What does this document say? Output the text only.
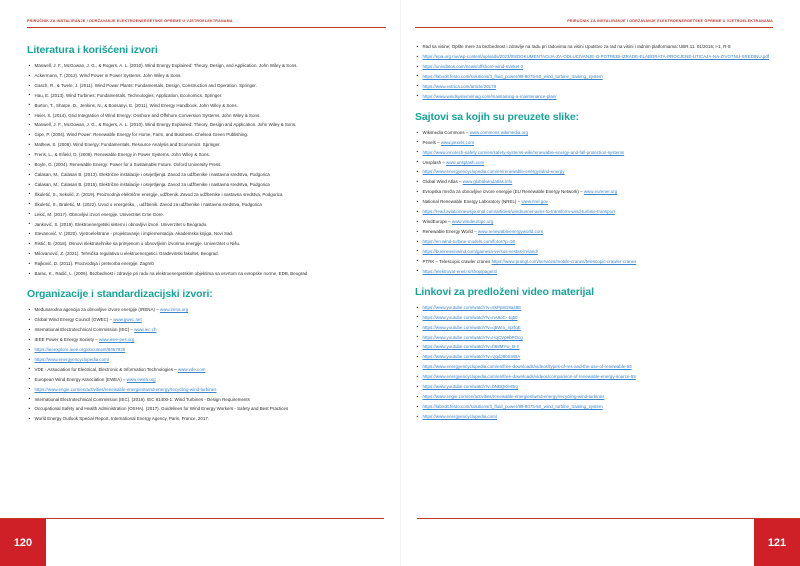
PRIRUČNIK ZA INSTALIRANJE I ODRŽAVANJE ELEKTROENERGETSKE OPREME U VJETROELEKTRANAMA
Literatura i korišćeni izvori
• Manwell, J. F., McGowan, J. G., & Rogers, A. L. (2010). Wind Energy Explained: Theory, Design, and Application. John Wiley & Sons.
• Ackermann, T. (2012). Wind Power in Power Systems. John Wiley & Sons.
• Gasch, R., & Twele, J. (2011). Wind Power Plants: Fundamentals, Design, Construction and Operation. Springer.
• Hau, E. (2013). Wind Turbines: Fundamentals, Technologies, Application, Economics. Springer.
• Burton, T., Sharpe, D., Jenkins, N., & Bossanyi, E. (2011). Wind Energy Handbook. John Wiley & Sons.
• Heier, S. (2014). Grid Integration of Wind Energy: Onshore and Offshore Conversion Systems. John Wiley & Sons.
• Manwell, J. F., McGowan, J. G., & Rogers, A. L. (2010). Wind Energy Explained: Theory, Design and Application. John Wiley & Sons.
• Gipe, P. (2004). Wind Power: Renewable Energy for Home, Farm, and Business. Chelsea Green Publishing.
• Mathew, S. (2006). Wind Energy: Fundamentals, Resource Analysis and Economics. Springer.
• Freris, L., & Infield, D. (2008). Renewable Energy in Power Systems. John Wiley & Sons.
• Boyle, G. (2004). Renewable Energy: Power for a Sustainable Future. Oxford University Press.
• Ćalasan, M., Ćalasan B. (2013). Električne instalacije i osvjetljenja. Zavod za udžbenike i nastavna sredstva, Podgorica
• Ćalasan, M., Ćalasan B. (2015). Električne instalacije i osvjetljenja. Zavod za udžbenike i nastavna sredstva, Podgorica
• Škuletić, S., Sekulić, Z. (2019). Proizvodnja električne energije, udžbenik. Zavod za udžbenike i nastavna sredstva, Podgorica
• Škuletić, S., Braletić, M. (2022). Uvod u energetiku, , udžbenik. Zavod za udžbenike i nastavna sredstva, Podgorica
• Lekić, M. (2017). Obnovljivi izvori energije. Univerzitet Crne Gore.
• Janković, S. (2019). Elektroenergetski sistemi i obnovljivi izvori. Univerzitet u Beogradu.
• Stevanović, V. (2020). Vjetroelektrane - projektovanje i implementacija. Akademska knjiga, Novi Sad.
• Ristić, B. (2018). Osnovi elektrotehnike sa primjenom u obnovljivim izvorima energije. Univerzitet u Nišu.
• Milovanović, Z. (2021). Tehnička regulativa u elektroenergetici. Građevinski fakultet, Beograd.
• Rajković, D. (2011). Proizvodnja i pretvorba energije. Zagreb
• Barac, K., Radić, L. (2006). Bezbednost i zdravlje pri radu na elektroenergetskim objektima sa osvrtom na evropske norme, EDB, Beograd
Organizacije i standardizacijski izvori:
• Međunarodna agencija za obnovljive izvore energije (IRENA) – www.irena.org
• Global Wind Energy Council (GWEC) – www.gwec.net
• International Electrotechnical Commission (IEC) – www.iec.ch
• IEEE Power & Energy Society – www.ieee-pes.org
• https://ieeexplore.ieee.org/document/8467935
• https://www.energyencyclopedia.com/
• VDE - Association for Electrical, Electronic & Information Technologies – www.vde.com
• European Wind Energy Association (EWEA) – www.ewea.org
• https://www.engie.com/en/activities/renewable-energies/wind-energy/recycling-wind-turbines
• International Electrotechnical Commission (IEC). (2019). IEC 61400-1: Wind Turbines - Design Requirements
• Occupational Safety and Health Administration (OSHA). (2017). Guidelines for Wind Energy Workers - Safety and Best Practices
• World Energy Outlook Special Report, International Energy Agency, Paris, France, 2017.
120
PRIRUČNIK ZA INSTALIRANJE I ODRŽAVANJE ELEKTROENERGETSKE OPREME U VJETROELEKTRANAMA
• Rad sa visine; Opšte mere za bezbednost i zdravlje na radu pri radovima na visini Uputstvo za rad na visini i radnim platformama: UBR.11. 01/2015; I-1, R-0:
• https://epa.org.me/wp-content/uploads/2023/09/DOKUMENTACIJA-ZA-ODLUCIVANJE-O-POTREBI-IZRADE-ELABORATA-PROCJENE-UTICAJA-NA-ZIVOTNU-SREDINU.pdf
• https://univdatos.com/news/offshore-wind-market-2
• https://labvolt.festo.com/solutions/3_fluid_power/89-8075-50_wind_turbine_training_system
• https://www.extrica.com/article/20178
• https://www.windsystemsmag.com/maintaining-a-maintenance-plan/
Sajtovi sa kojih su preuzete slike:
• Wikimedia Commons – www.commons.wikimedia.org
• Pexels – www.pexels.com
• https://www.innotech-safety.com/en/safety-systems-wiki/renewable-energy-and-fall-protection-systems
• Unsplash – www.unsplash.com
• https://www.energyencyclopedia.com/en/renewable-energy/wind-energy
• Global Wind Atlas – www.globalwindatlas.info
• Evropska mreža za obnovljive izvore energije (EU Renewable Energy Network) – www.eurener.org
• National Renewable Energy Laboratory (NREL) – www.nrel.gov
• https://read.aviationnewsjournal.com/articles/windrunner-aims-to-transform-wind-turbine-transport
• WindEurope – www.windeurope.org
• Renewable Energy World – www.renewableenergyworld.com
• https://en.wind-turbine-models.com/fotos?p=50
• https://businessinwind.com/gamesa-versus-vestas-ireland/
• PTRK – Telescopic crawler cranes https://www.prangl.com/services/mobile-cranes/telescopic-crawler-cranes
• https://elektrovat-enel.rs/shop/page/4/
Linkovi za predloženi video materijal
• https://www.youtube.com/watch?v=8sPp8G8a48E
• https://www.youtube.com/watch?v=nA9oC--tq50
• https://www.youtube.com/watch?v=q5Wm_nprfqE
• https://www.youtube.com/watch?v=HqCVp9bPOcg
• https://www.youtube.com/watch?v=fI68MYw_B-Y
• https://www.youtube.com/watch?v=vjqdJ80SmBA
• https://www.energyencyclopedia.com/en/free-downloads/videos/types-of-res-and-the-use-of-renewable-56
• https://www.energyencyclopedia.com/en/free-downloads/videos/comparison-of-renewable-energy-source-55
• https://www.youtube.com/watch?v=bNBQKlHttrg
• https://www.engie.com/en/activities/renewable-energies/wind-energy/recycling-wind-turbines
• https://labvolt.festo.com/solutions/3_fluid_power/89-8075-50_wind_turbine_training_system
• https://www.energyencyclopedia.com/
121
